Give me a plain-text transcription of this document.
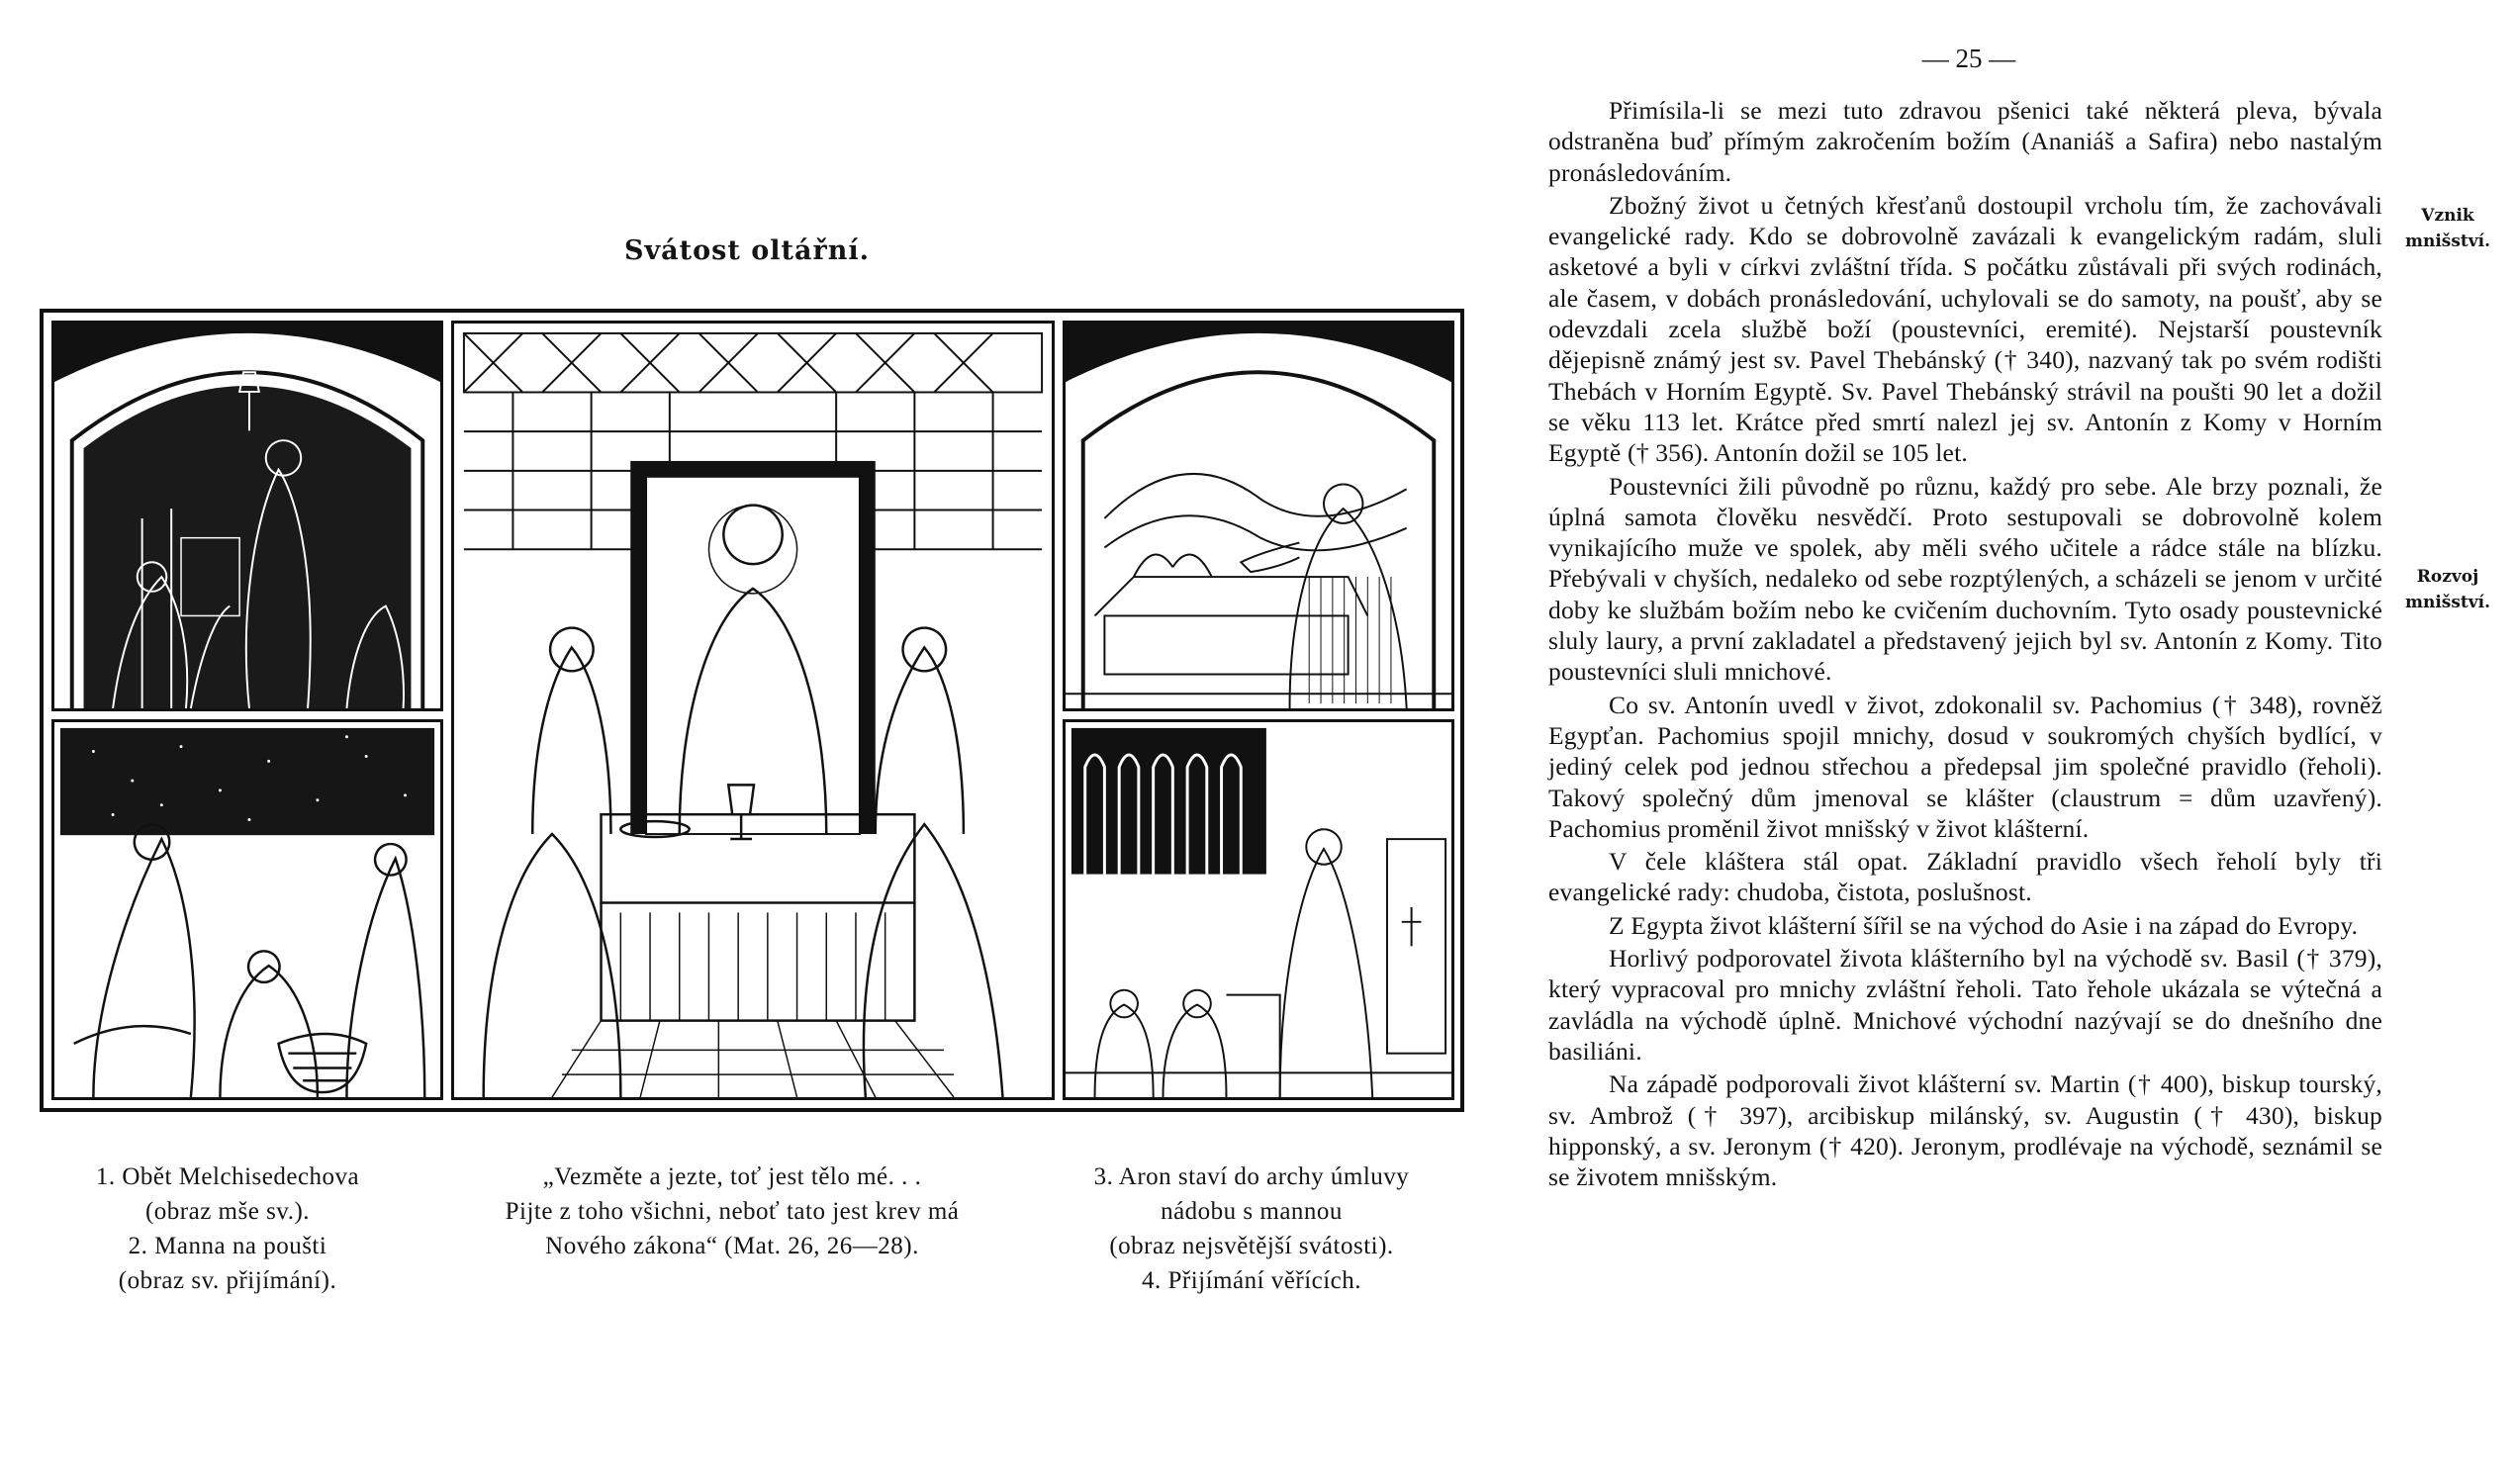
Svátost oltářní.
1. Obět Melchisedechova
(obraz mše sv.).
2. Manna na poušti
(obraz sv. přijímání).
„Vezměte a jezte, toť jest tělo mé. . .
Pijte z toho všichni, neboť tato jest krev má
Nového zákona“ (Mat. 26, 26—28).
3. Aron staví do archy úmluvy
nádobu s mannou
(obraz nejsvětější svátosti).
4. Přijímání věřících.
— 25 —

Přimísila-li se mezi tuto zdravou pšenici také některá pleva, bývala odstraněna buď přímým zakročením božím (Ananiáš a Safira) nebo nastalým pronásledováním.

Zbožný život u četných křesťanů dostoupil vrcholu tím, že zachovávali evangelické rady. Kdo se dobrovolně zavázali k evangelickým radám, sluli asketové a byli v církvi zvláštní třída. S počátku zůstávali při svých rodinách, ale časem, v dobách pronásledování, uchylovali se do samoty, na poušť, aby se odevzdali zcela službě boží (poustevníci, eremité). Nejstarší poustevník dějepisně známý jest sv. Pavel Thebánský († 340), nazvaný tak po svém rodišti Thebách v Horním Egyptě. Sv. Pavel Thebánský strávil na poušti 90 let a dožil se věku 113 let. Krátce před smrtí nalezl jej sv. Antonín z Komy v Horním Egyptě († 356). Antonín dožil se 105 let.

Poustevníci žili původně po různu, každý pro sebe. Ale brzy poznali, že úplná samota člověku nesvědčí. Proto sestupovali se dobrovolně kolem vynikajícího muže ve spolek, aby měli svého učitele a rádce stále na blízku. Přebývali v chyších, nedaleko od sebe rozptýlených, a scházeli se jenom v určité doby ke službám božím nebo ke cvičením duchovním. Tyto osady poustevnické sluly laury, a první zakladatel a představený jejich byl sv. Antonín z Komy. Tito poustevníci sluli mnichové.

Co sv. Antonín uvedl v život, zdokonalil sv. Pachomius († 348), rovněž Egypťan. Pachomius spojil mnichy, dosud v soukromých chyších bydlící, v jediný celek pod jednou střechou a předepsal jim společné pravidlo (řeholi). Takový společný dům jmenoval se klášter (claustrum = dům uzavřený). Pachomius proměnil život mnišský v život klášterní.

V čele kláštera stál opat. Základní pravidlo všech řeholí byly tři evangelické rady: chudoba, čistota, poslušnost.

Z Egypta život klášterní šířil se na východ do Asie i na západ do Evropy.

Horlivý podporovatel života klášterního byl na východě sv. Basil († 379), který vypracoval pro mnichy zvláštní řeholi. Tato řehole ukázala se výtečná a zavládla na východě úplně. Mnichové východní nazývají se do dnešního dne basiliáni.

Na západě podporovali život klášterní sv. Martin († 400), biskup tourský, sv. Ambrož († 397), arcibiskup milánský, sv. Augustin († 430), biskup hipponský, a sv. Jeronym († 420). Jeronym, prodlévaje na východě, seznámil se se životem mnišským.

Vznik
mnišství.
Rozvoj
mnišství.
